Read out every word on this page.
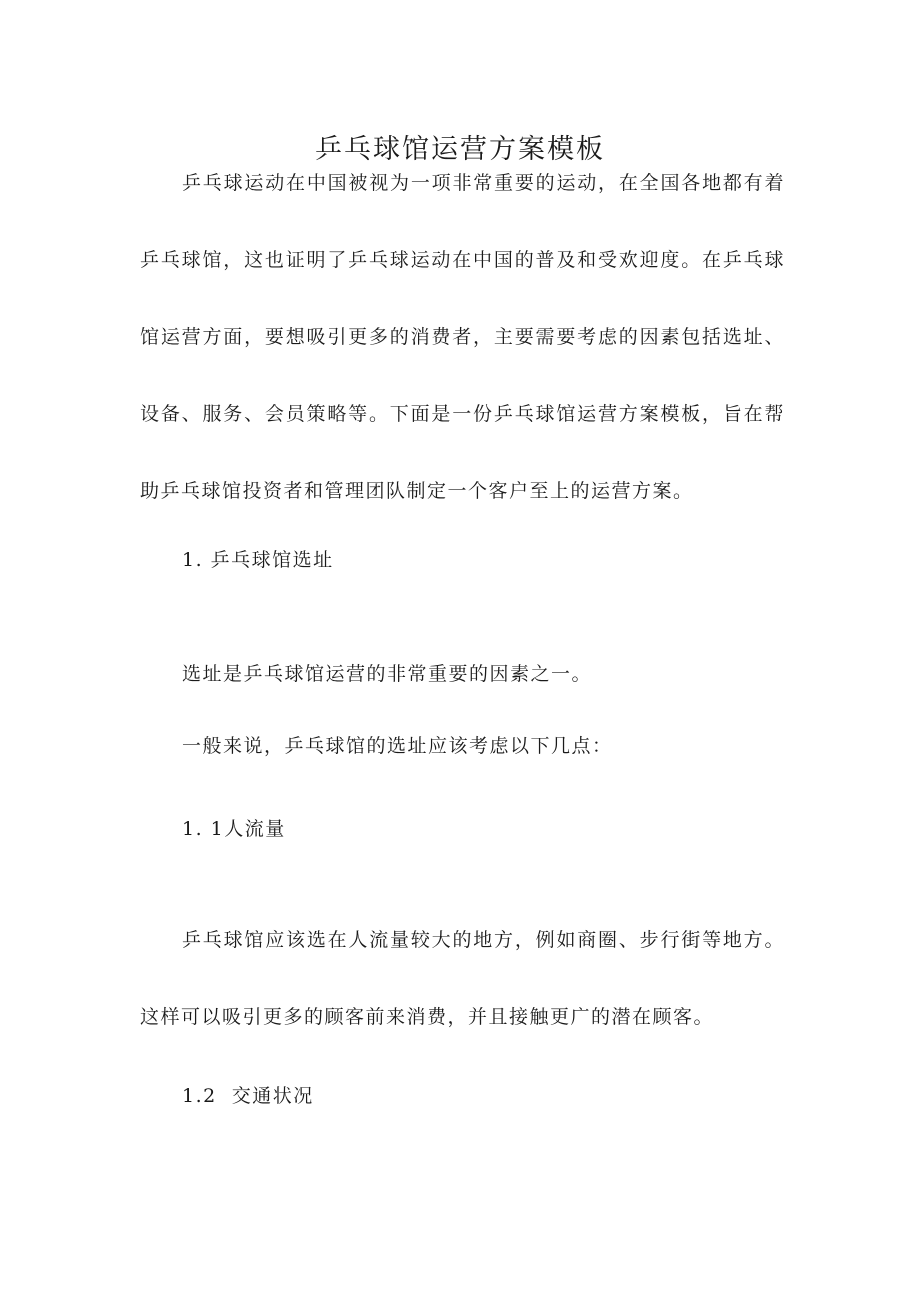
乒乓球馆运营方案模板
乒乓球运动在中国被视为一项非常重要的运动，在全国各地都有着乒乓球馆，这也证明了乒乓球运动在中国的普及和受欢迎度。在乒乓球馆运营方面，要想吸引更多的消费者，主要需要考虑的因素包括选址、设备、服务、会员策略等。下面是一份乒乓球馆运营方案模板，旨在帮助乒乓球馆投资者和管理团队制定一个客户至上的运营方案。
1. 乒乓球馆选址
选址是乒乓球馆运营的非常重要的因素之一。
一般来说，乒乓球馆的选址应该考虑以下几点：
1. 1人流量
乒乓球馆应该选在人流量较大的地方，例如商圈、步行街等地方。这样可以吸引更多的顾客前来消费，并且接触更广的潜在顾客。
1.2  交通状况
